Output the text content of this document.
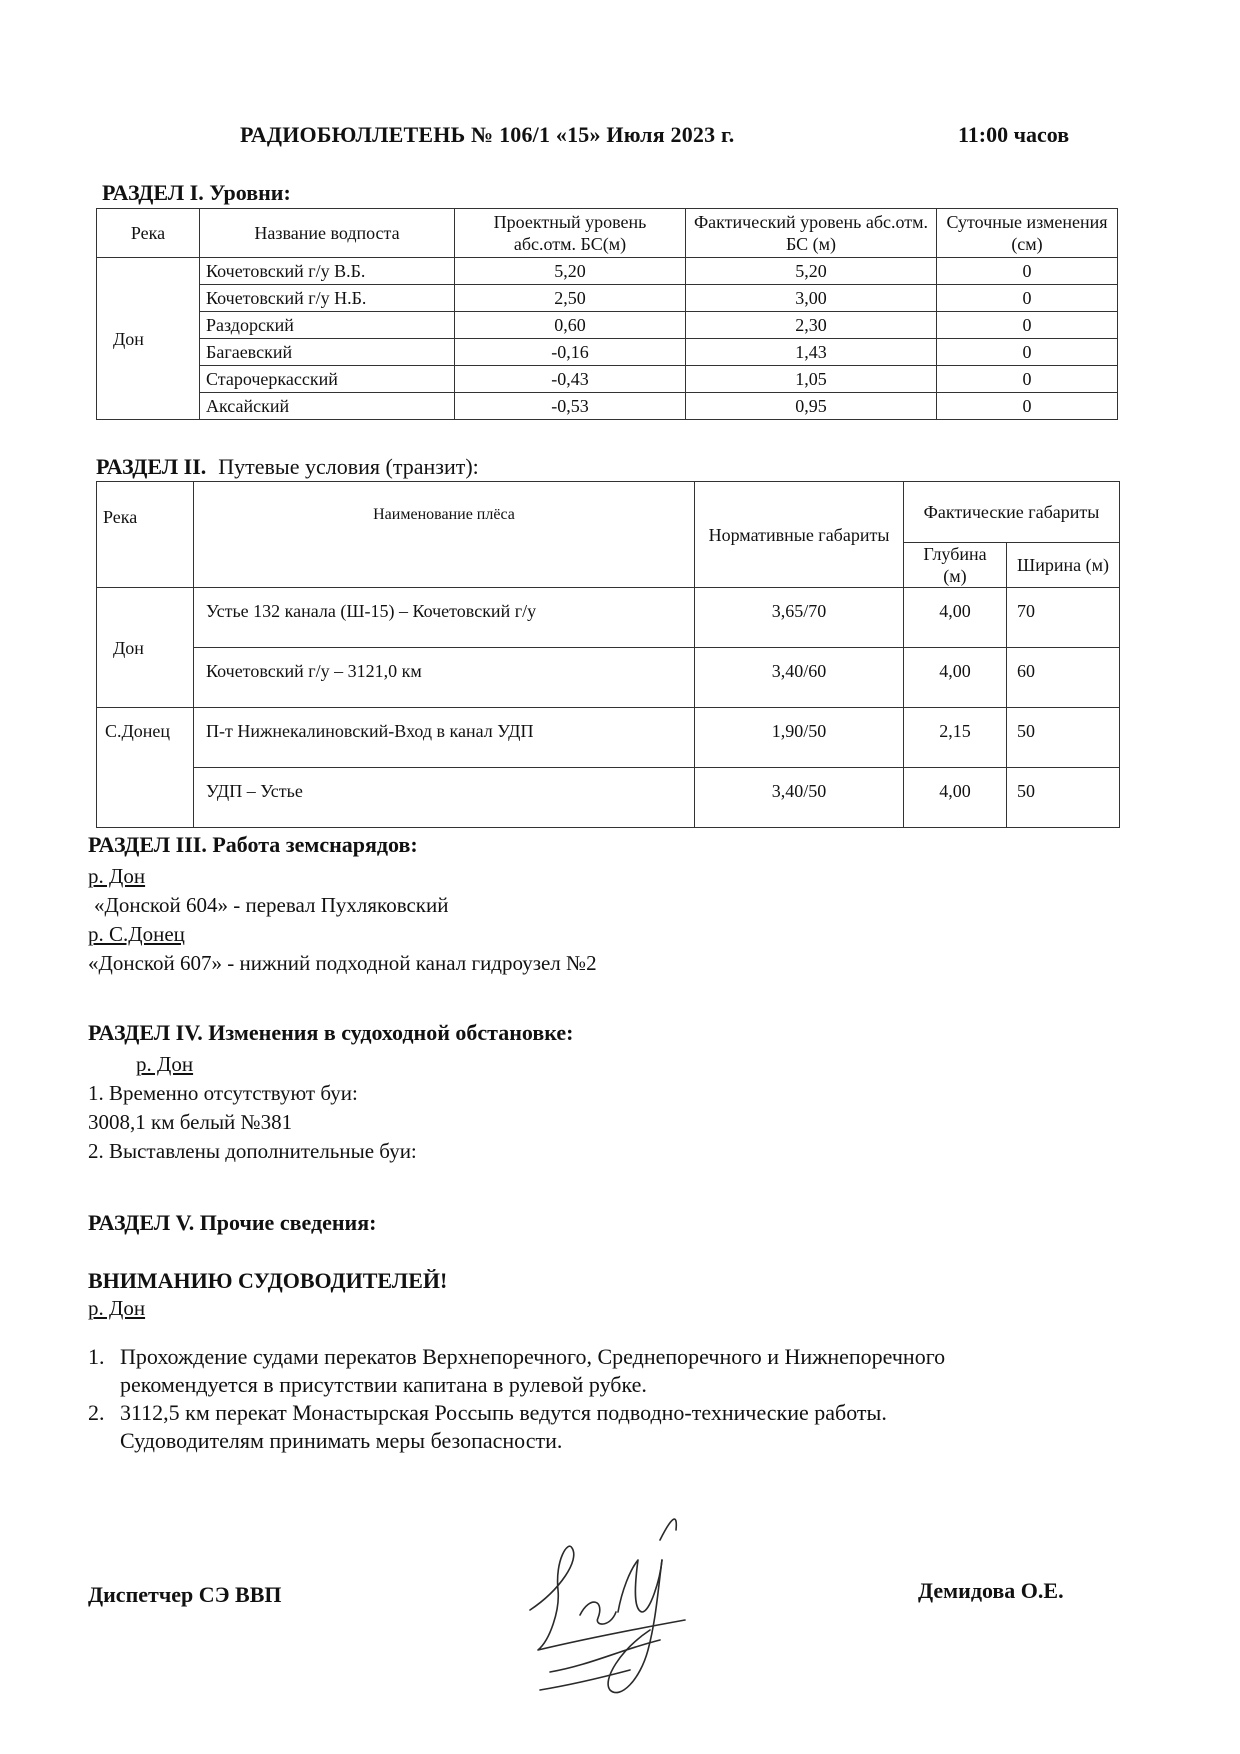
РАДИОБЮЛЛЕТЕНЬ № 106/1 «15» Июля 2023 г.	11:00 часов
РАЗДЕЛ I. Уровни:
Река	Название водпоста	Проектный уровень абс.отм. БС(м)	Фактический уровень абс.отм. БС (м)	Суточные изменения (см)
Дон	Кочетовский г/у В.Б.	5,20	5,20	0
	Кочетовский г/у Н.Б.	2,50	3,00	0
	Раздорский	0,60	2,30	0
	Багаевский	-0,16	1,43	0
	Старочеркасский	-0,43	1,05	0
	Аксайский	-0,53	0,95	0
РАЗДЕЛ II. Путевые условия (транзит):
Река	Наименование плёса	Нормативные габариты	Фактические габариты	
			Глубина (м)	Ширина (м)
Дон	Устье 132 канала (Ш-15) – Кочетовский г/у	3,65/70	4,00	70
	Кочетовский г/у – 3121,0 км	3,40/60	4,00	60
С.Донец	П-т Нижнекалиновский-Вход в канал УДП	1,90/50	2,15	50
	УДП – Устье	3,40/50	4,00	50
РАЗДЕЛ III. Работа земснарядов:
р. Дон
«Донской 604» - перевал Пухляковский
р. С.Донец
«Донской 607» - нижний подходной канал гидроузел №2
РАЗДЕЛ IV. Изменения в судоходной обстановке:
р. Дон
1. Временно отсутствуют буи:
3008,1 км белый №381
2. Выставлены дополнительные буи:
РАЗДЕЛ V. Прочие сведения:
ВНИМАНИЮ СУДОВОДИТЕЛЕЙ!
р. Дон
1. Прохождение судами перекатов Верхнепоречного, Среднепоречного и Нижнепоречного
рекомендуется в присутствии капитана в рулевой рубке.
2. 3112,5 км перекат Монастырская Россыпь ведутся подводно-технические работы.
Судоводителям принимать меры безопасности.
Диспетчер СЭ ВВП	Демидова О.Е.
